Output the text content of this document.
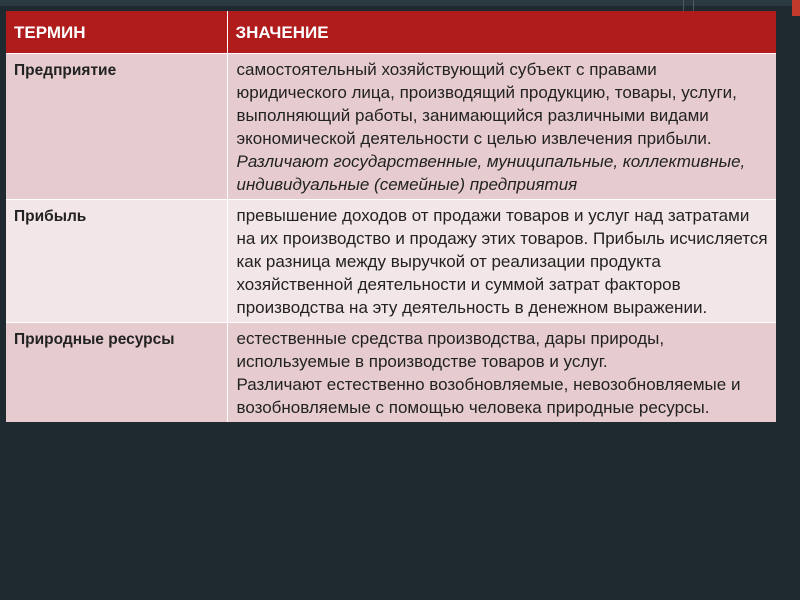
ТЕРМИН	ЗНАЧЕНИЕ
Предприятие	самостоятельный хозяйствующий субъект с правами юридического лица, производящий продукцию, товары, услуги, выполняющий работы, занимающийся различными видами экономической деятельности с целью извлечения прибыли.
Различают государственные, муниципальные, коллективные, индивидуальные (семейные) предприятия

Прибыль	превышение доходов от продажи товаров и услуг над затратами на их производство и продажу этих товаров. Прибыль исчисляется как разница между выручкой от реализации продукта хозяйственной деятельности и суммой затрат факторов производства на эту деятельность в денежном выражении.

Природные ресурсы	естественные средства производства, дары природы, используемые в производстве товаров и услуг.
Различают естественно возобновляемые, невозобновляемые и возобновляемые с помощью человека природные ресурсы.
